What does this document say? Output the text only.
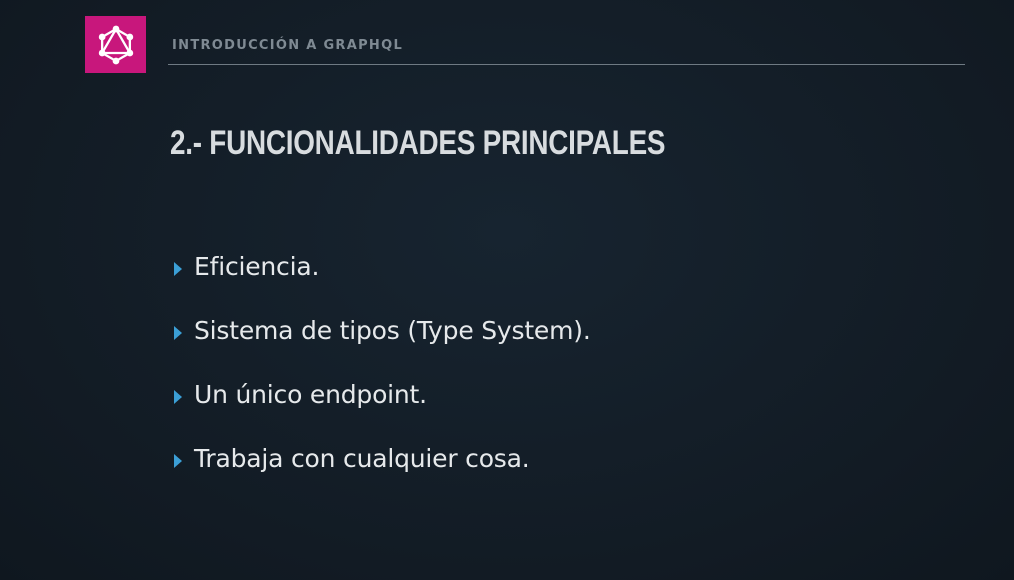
INTRODUCCIÓN A GRAPHQL
2.- FUNCIONALIDADES PRINCIPALES
Eficiencia.
Sistema de tipos (Type System).
Un único endpoint.
Trabaja con cualquier cosa.
